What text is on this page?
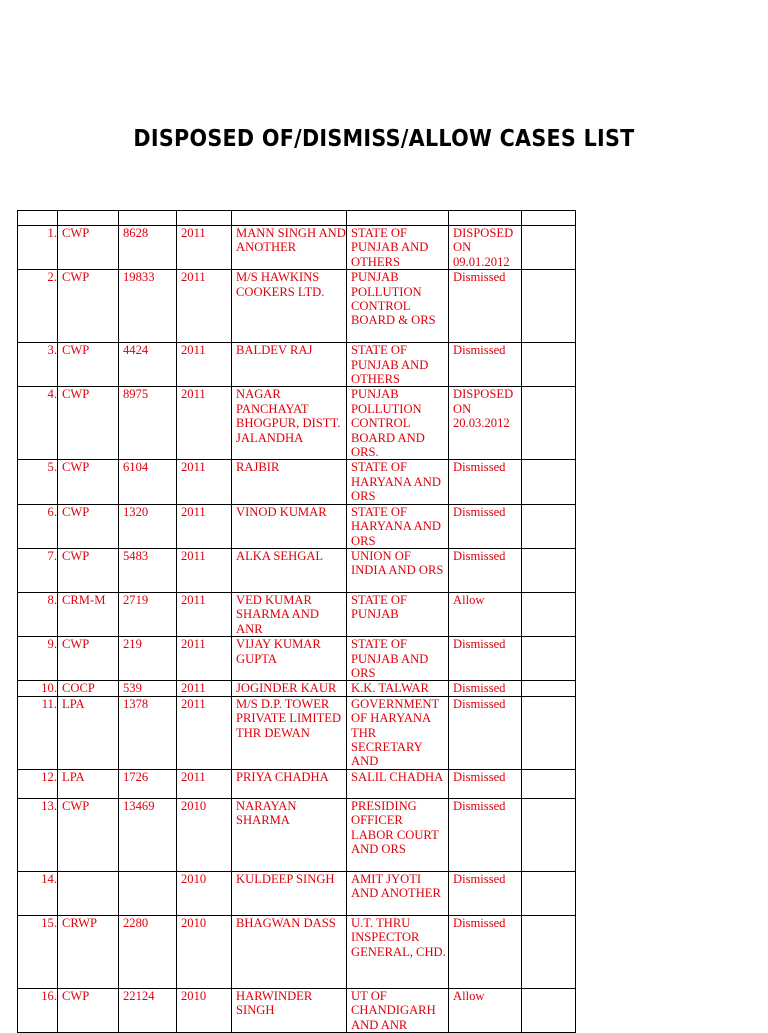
DISPOSED OF/DISMISS/ALLOW CASES LIST

1.	CWP	8628	2011	MANN SINGH AND ANOTHER	STATE OF PUNJAB AND OTHERS	DISPOSED ON 09.01.2012	
2.	CWP	19833	2011	M/S HAWKINS COOKERS LTD.	PUNJAB POLLUTION CONTROL BOARD & ORS	Dismissed	
3.	CWP	4424	2011	BALDEV RAJ	STATE OF PUNJAB AND OTHERS	Dismissed	
4.	CWP	8975	2011	NAGAR PANCHAYAT BHOGPUR, DISTT. JALANDHA	PUNJAB POLLUTION CONTROL BOARD AND ORS.	DISPOSED ON 20.03.2012	
5.	CWP	6104	2011	RAJBIR	STATE OF HARYANA AND ORS	Dismissed	
6.	CWP	1320	2011	VINOD KUMAR	STATE OF HARYANA AND ORS	Dismissed	
7.	CWP	5483	2011	ALKA SEHGAL	UNION OF INDIA AND ORS	Dismissed	
8.	CRM-M	2719	2011	VED KUMAR SHARMA AND ANR	STATE OF PUNJAB	Allow	
9.	CWP	219	2011	VIJAY KUMAR GUPTA	STATE OF PUNJAB AND ORS	Dismissed	
10.	COCP	539	2011	JOGINDER KAUR	K.K. TALWAR	Dismissed	
11.	LPA	1378	2011	M/S D.P. TOWER PRIVATE LIMITED THR DEWAN	GOVERNMENT OF HARYANA THR SECRETARY AND	Dismissed	
12.	LPA	1726	2011	PRIYA CHADHA	SALIL CHADHA	Dismissed	
13.	CWP	13469	2010	NARAYAN SHARMA	PRESIDING OFFICER LABOR COURT AND ORS	Dismissed	
14.			2010	KULDEEP SINGH	AMIT JYOTI AND ANOTHER	Dismissed	
15.	CRWP	2280	2010	BHAGWAN DASS	U.T. THRU INSPECTOR GENERAL, CHD.	Dismissed	
16.	CWP	22124	2010	HARWINDER SINGH	UT OF CHANDIGARH AND ANR	Allow	
